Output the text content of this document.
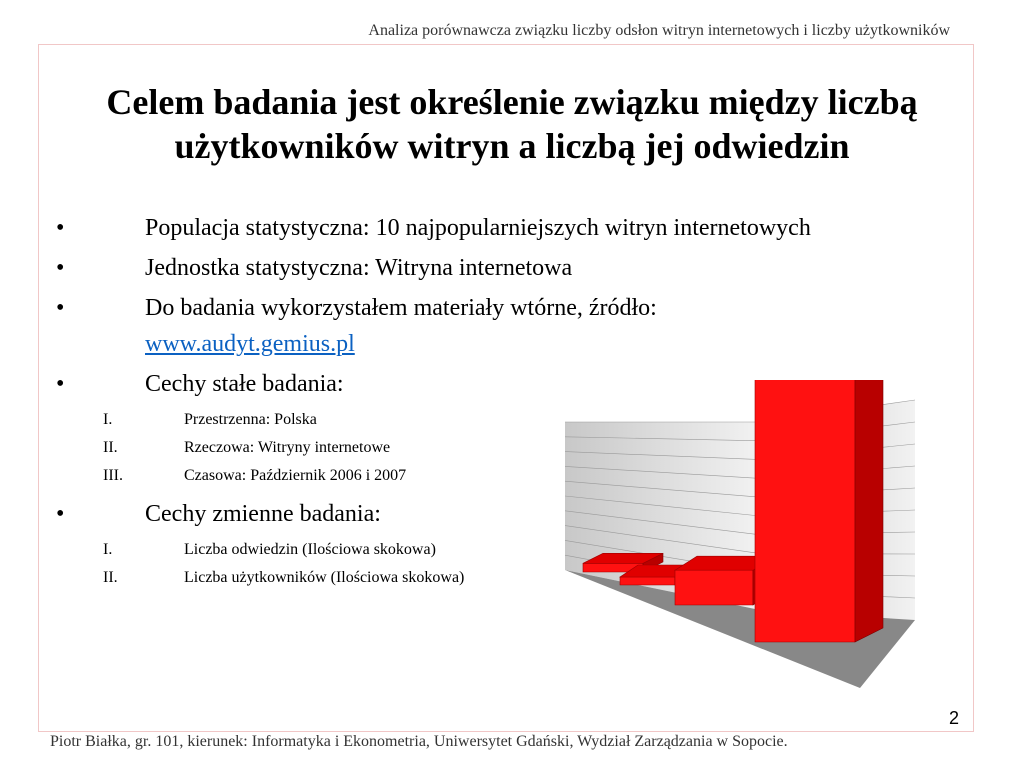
Analiza porównawcza związku liczby odsłon witryn internetowych i liczby użytkowników
Celem badania jest określenie związku między liczbą
użytkowników witryn a liczbą jej odwiedzin
•	Populacja statystyczna: 10 najpopularniejszych witryn internetowych
•	Jednostka statystyczna: Witryna internetowa
•	Do badania wykorzystałem materiały wtórne, źródło:
www.audyt.gemius.pl
•	Cechy stałe badania:
I.	Przestrzenna: Polska
II.	Rzeczowa: Witryny internetowe
III.	Czasowa: Październik 2006 i 2007
•	Cechy zmienne badania:
I.	Liczba odwiedzin (Ilościowa skokowa)
II.	Liczba użytkowników (Ilościowa skokowa)
2
Piotr Białka, gr. 101, kierunek: Informatyka i Ekonometria, Uniwersytet Gdański, Wydział Zarządzania w Sopocie.
